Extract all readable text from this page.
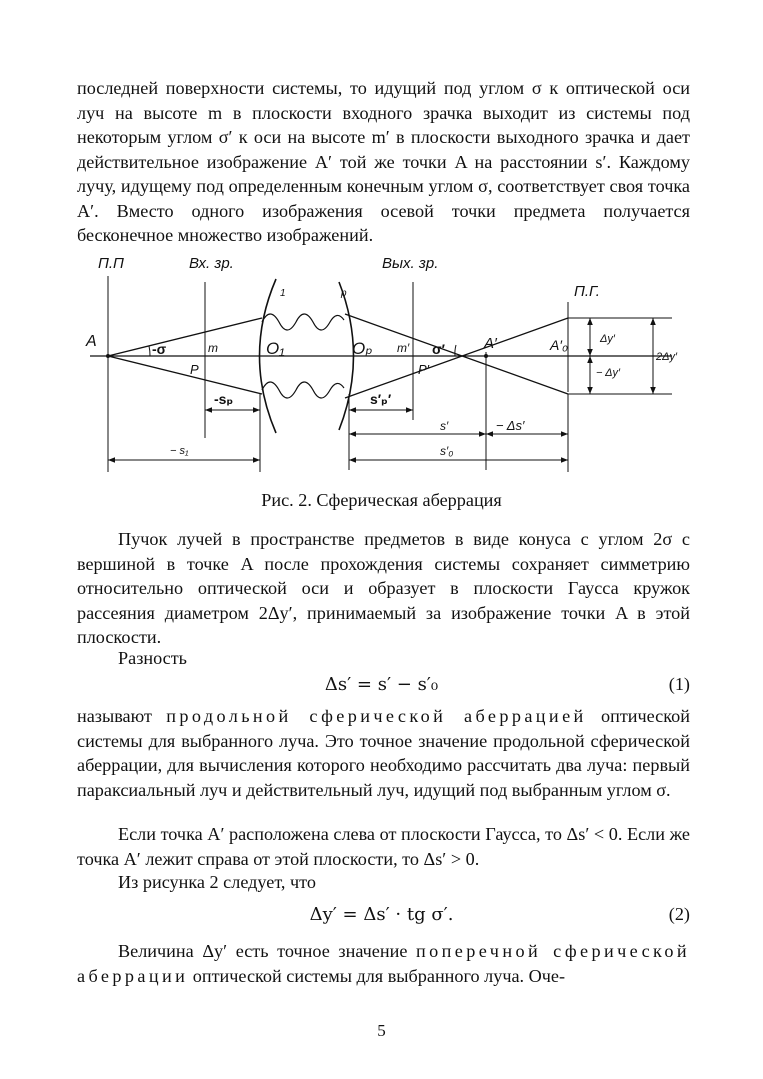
последней поверхности системы, то идущий под углом σ к оптической оси луч на высоте m в плоскости входного зрачка выходит из системы под некоторым углом σ′ к оси на высоте m′ в плоскости выходного зрачка и дает действительное изображение A′ той же точки A на расстоянии s′. Каждому лучу, идущему под определенным конечным углом σ, соответствует своя точка A′. Вместо одного изображения осевой точки предмета получается бесконечное множество изображений.

П.П	Вх. зр.	Вых. зр.
П.Г.
A	-σ	m	O₁	Oₚ m′ σ′	A′	A′₀
P	P′
1	p
-sₚ	s′ₚ′
− s₁
s′	− Δs′
s′₀
Δy′
− Δy′
2Δy′
Рис. 2. Сферическая аберрация

Пучок лучей в пространстве предметов в виде конуса с углом 2σ с вершиной в точке A после прохождения системы сохраняет симметрию относительно оптической оси и образует в плоскости Гаусса кружок рассеяния диаметром 2Δy′, принимаемый за изображение точки A в этой плоскости.

Разность

Δs′ = s′ − s′₀	(1)

называют продольной сферической аберрацией оптической системы для выбранного луча. Это точное значение продольной сферической аберрации, для вычисления которого необходимо рассчитать два луча: первый параксиальный луч и действительный луч, идущий под выбранным углом σ.

Если точка A′ расположена слева от плоскости Гаусса, то Δs′ < 0. Если же точка A′ лежит справа от этой плоскости, то Δs′ > 0.

Из рисунка 2 следует, что

Δy′ = Δs′ · tg σ′.	(2)

Величина Δy′ есть точное значение поперечной сферической аберрации оптической системы для выбранного луча. Оче-

5
